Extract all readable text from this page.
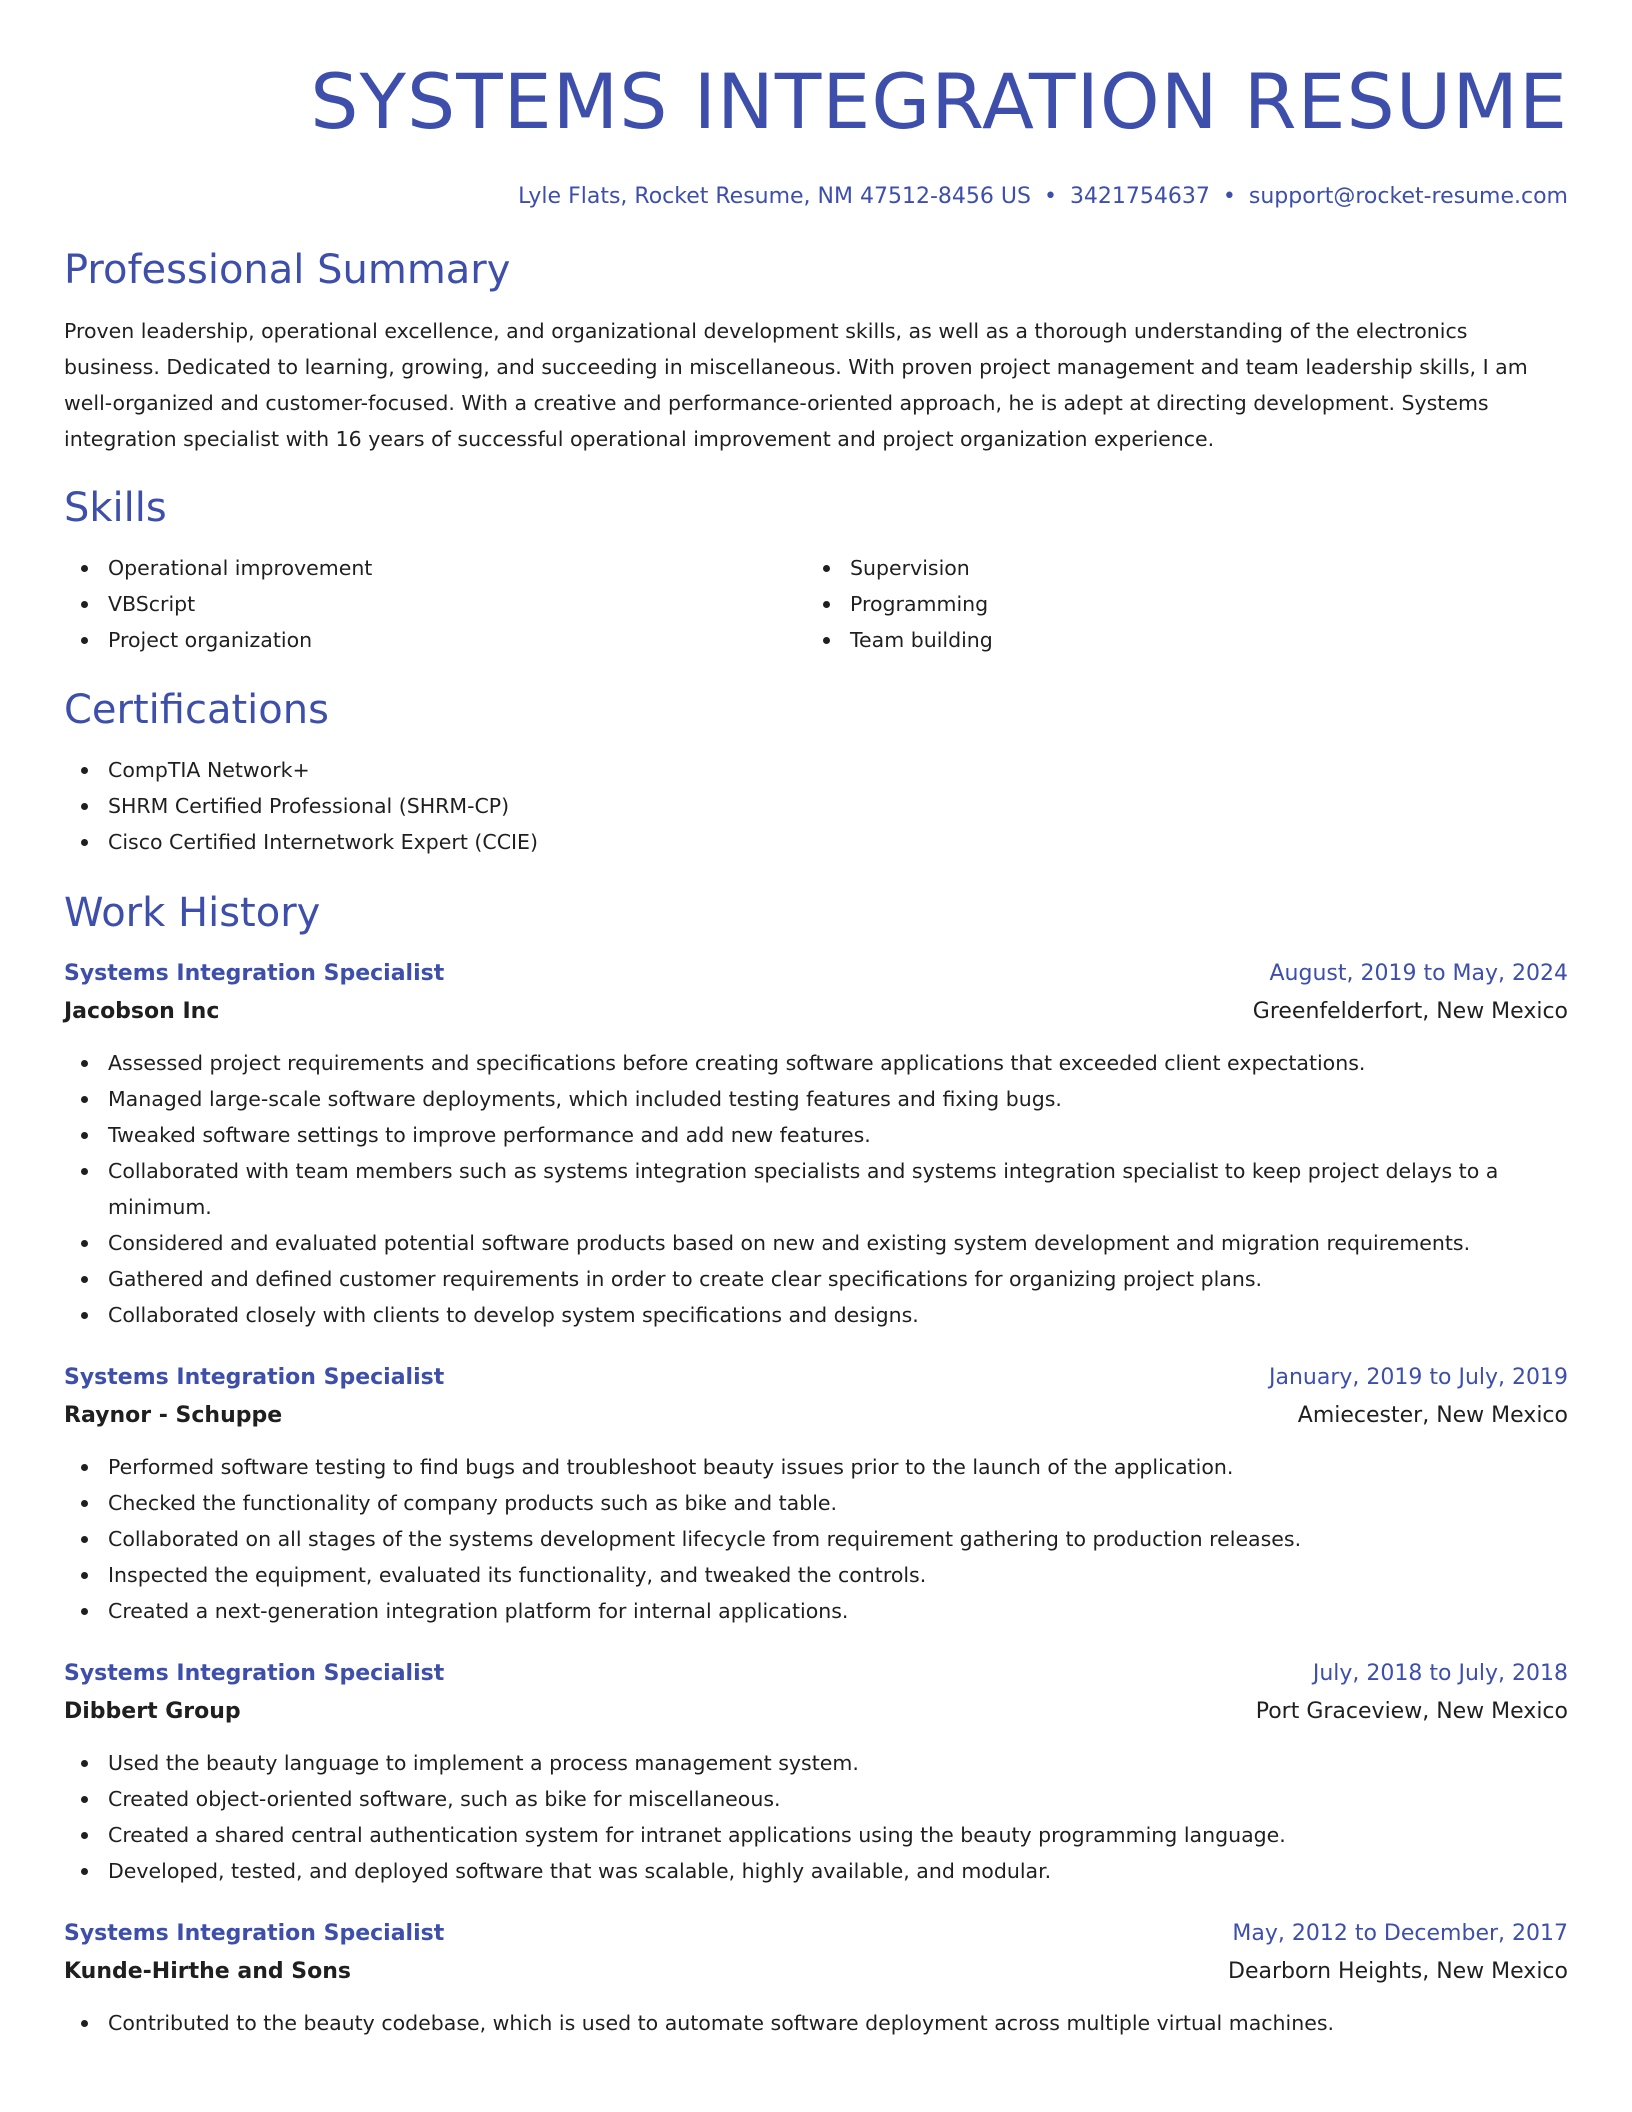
SYSTEMS INTEGRATION RESUME
Lyle Flats, Rocket Resume, NM 47512-8456 US • 3421754637 • support@rocket-resume.com
Professional Summary

Proven leadership, operational excellence, and organizational development skills, as well as a thorough understanding of the electronics business. Dedicated to learning, growing, and succeeding in miscellaneous. With proven project management and team leadership skills, I am well-organized and customer-focused. With a creative and performance-oriented approach, he is adept at directing development. Systems integration specialist with 16 years of successful operational improvement and project organization experience.

Skills
Operational improvement
VBScript
Project organization
Supervision
Programming
Team building
Certifications
CompTIA Network+
SHRM Certified Professional (SHRM-CP)
Cisco Certified Internetwork Expert (CCIE)
Work History
Systems Integration Specialist	August, 2019 to May, 2024
Jacobson Inc	Greenfelderfort, New Mexico
Assessed project requirements and specifications before creating software applications that exceeded client expectations.
Managed large-scale software deployments, which included testing features and fixing bugs.
Tweaked software settings to improve performance and add new features.
Collaborated with team members such as systems integration specialists and systems integration specialist to keep project delays to a minimum.
Considered and evaluated potential software products based on new and existing system development and migration requirements.
Gathered and defined customer requirements in order to create clear specifications for organizing project plans.
Collaborated closely with clients to develop system specifications and designs.
Systems Integration Specialist	January, 2019 to July, 2019
Raynor - Schuppe	Amiecester, New Mexico
Performed software testing to find bugs and troubleshoot beauty issues prior to the launch of the application.
Checked the functionality of company products such as bike and table.
Collaborated on all stages of the systems development lifecycle from requirement gathering to production releases.
Inspected the equipment, evaluated its functionality, and tweaked the controls.
Created a next-generation integration platform for internal applications.
Systems Integration Specialist	July, 2018 to July, 2018
Dibbert Group	Port Graceview, New Mexico
Used the beauty language to implement a process management system.
Created object-oriented software, such as bike for miscellaneous.
Created a shared central authentication system for intranet applications using the beauty programming language.
Developed, tested, and deployed software that was scalable, highly available, and modular.
Systems Integration Specialist	May, 2012 to December, 2017
Kunde-Hirthe and Sons	Dearborn Heights, New Mexico
Contributed to the beauty codebase, which is used to automate software deployment across multiple virtual machines.
